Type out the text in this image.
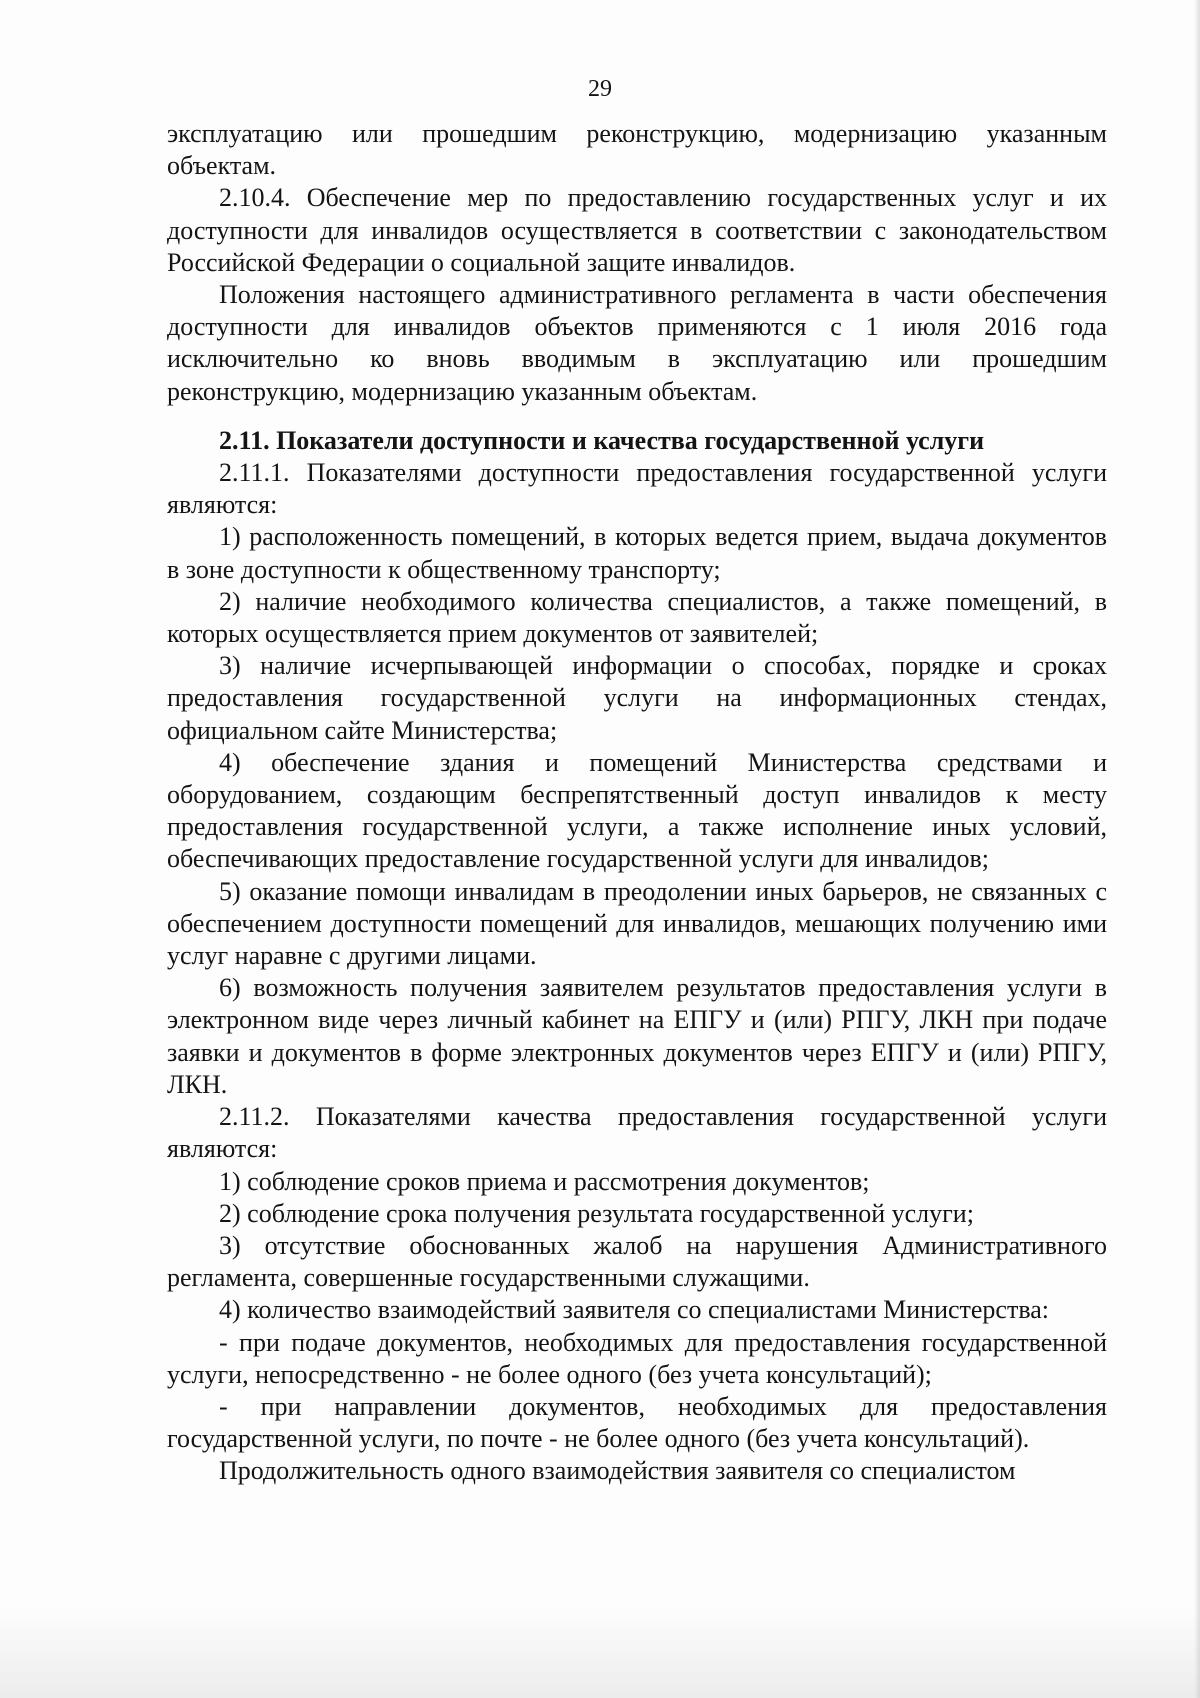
29

эксплуатацию или прошедшим реконструкцию, модернизацию указанным объектам.

2.10.4. Обеспечение мер по предоставлению государственных услуг и их доступности для инвалидов осуществляется в соответствии с законодательством Российской Федерации о социальной защите инвалидов.

Положения настоящего административного регламента в части обеспечения доступности для инвалидов объектов применяются с 1 июля 2016 года исключительно ко вновь вводимым в эксплуатацию или прошедшим реконструкцию, модернизацию указанным объектам.

2.11. Показатели доступности и качества государственной услуги

2.11.1. Показателями доступности предоставления государственной услуги являются:

1) расположенность помещений, в которых ведется прием, выдача документов в зоне доступности к общественному транспорту;

2) наличие необходимого количества специалистов, а также помещений, в которых осуществляется прием документов от заявителей;

3) наличие исчерпывающей информации о способах, порядке и сроках предоставления государственной услуги на информационных стендах, официальном сайте Министерства;

4) обеспечение здания и помещений Министерства средствами и оборудованием, создающим беспрепятственный доступ инвалидов к месту предоставления государственной услуги, а также исполнение иных условий, обеспечивающих предоставление государственной услуги для инвалидов;

5) оказание помощи инвалидам в преодолении иных барьеров, не связанных с обеспечением доступности помещений для инвалидов, мешающих получению ими услуг наравне с другими лицами.

6) возможность получения заявителем результатов предоставления услуги в электронном виде через личный кабинет на ЕПГУ и (или) РПГУ, ЛКН при подаче заявки и документов в форме электронных документов через ЕПГУ и (или) РПГУ, ЛКН.

2.11.2. Показателями качества предоставления государственной услуги являются:

1) соблюдение сроков приема и рассмотрения документов;

2) соблюдение срока получения результата государственной услуги;

3) отсутствие обоснованных жалоб на нарушения Административного регламента, совершенные государственными служащими.

4) количество взаимодействий заявителя со специалистами Министерства:

- при подаче документов, необходимых для предоставления государственной услуги, непосредственно - не более одного (без учета консультаций);

- при направлении документов, необходимых для предоставления государственной услуги, по почте - не более одного (без учета консультаций).

Продолжительность одного взаимодействия заявителя со специалистом
